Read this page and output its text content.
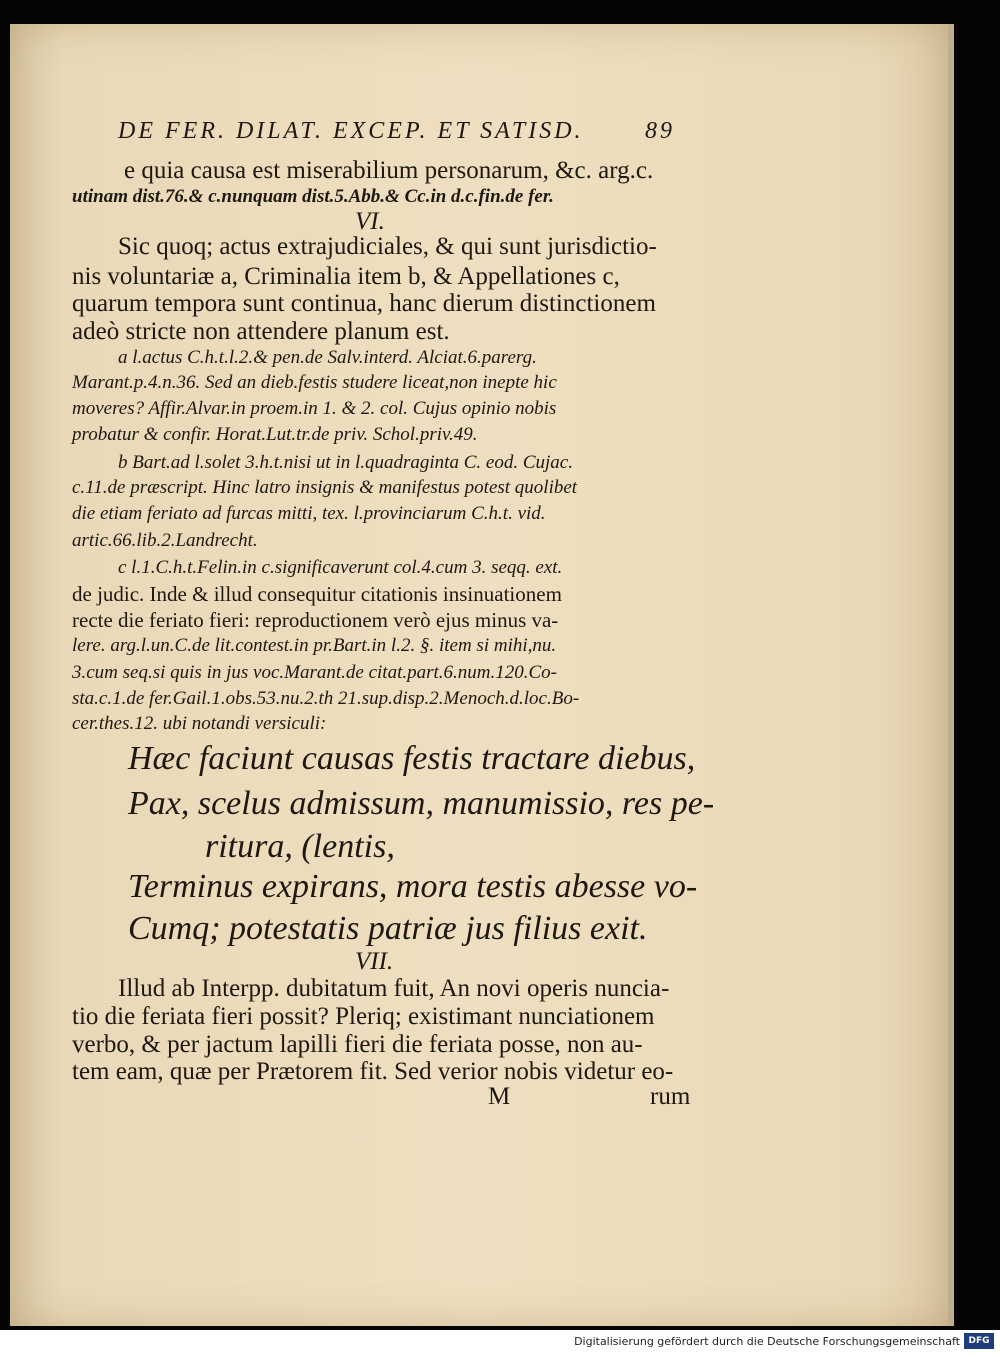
DE FER. DILAT. EXCEP. ET SATISD.	89
e quia causa est miserabilium personarum, &c. arg.c.
utinam dist.76.& c.nunquam dist.5.Abb.& Cc.in d.c.fin.de fer.
VI.
Sic quoq; actus extrajudiciales, & qui sunt jurisdictio-
nis voluntariæ a, Criminalia item b, & Appellationes c,
quarum tempora sunt continua, hanc dierum distinctionem
adeò stricte non attendere planum est.
a l.actus C.h.t.l.2.& pen.de Salv.interd. Alciat.6.parerg.
Marant.p.4.n.36. Sed an dieb.festis studere liceat,non inepte hic
moveres? Affir.Alvar.in proem.in 1. & 2. col. Cujus opinio nobis
probatur & confir. Horat.Lut.tr.de priv. Schol.priv.49.
b Bart.ad l.solet 3.h.t.nisi ut in l.quadraginta C. eod. Cujac.
c.11.de præscript. Hinc latro insignis & manifestus potest quolibet
die etiam feriato ad furcas mitti, tex. l.provinciarum C.h.t. vid.
artic.66.lib.2.Landrecht.
c l.1.C.h.t.Felin.in c.significaverunt col.4.cum 3. seqq. ext.
de judic. Inde & illud consequitur citationis insinuationem
recte die feriato fieri: reproductionem verò ejus minus va-
lere. arg.l.un.C.de lit.contest.in pr.Bart.in l.2. §. item si mihi,nu.
3.cum seq.si quis in jus voc.Marant.de citat.part.6.num.120.Co-
sta.c.1.de fer.Gail.1.obs.53.nu.2.th 21.sup.disp.2.Menoch.d.loc.Bo-
cer.thes.12. ubi notandi versiculi:
Hæc faciunt causas festis tractare diebus,
Pax, scelus admissum, manumissio, res pe-
ritura, (lentis,
Terminus expirans, mora testis abesse vo-
Cumq; potestatis patriæ jus filius exit.
VII.
Illud ab Interpp. dubitatum fuit, An novi operis nuncia-
tio die feriata fieri possit? Pleriq; existimant nunciationem
verbo, & per jactum lapilli fieri die feriata posse, non au-
tem eam, quæ per Prætorem fit. Sed verior nobis videtur eo-
M	rum
Digitalisierung gefördert durch die Deutsche Forschungsgemeinschaft DFG
